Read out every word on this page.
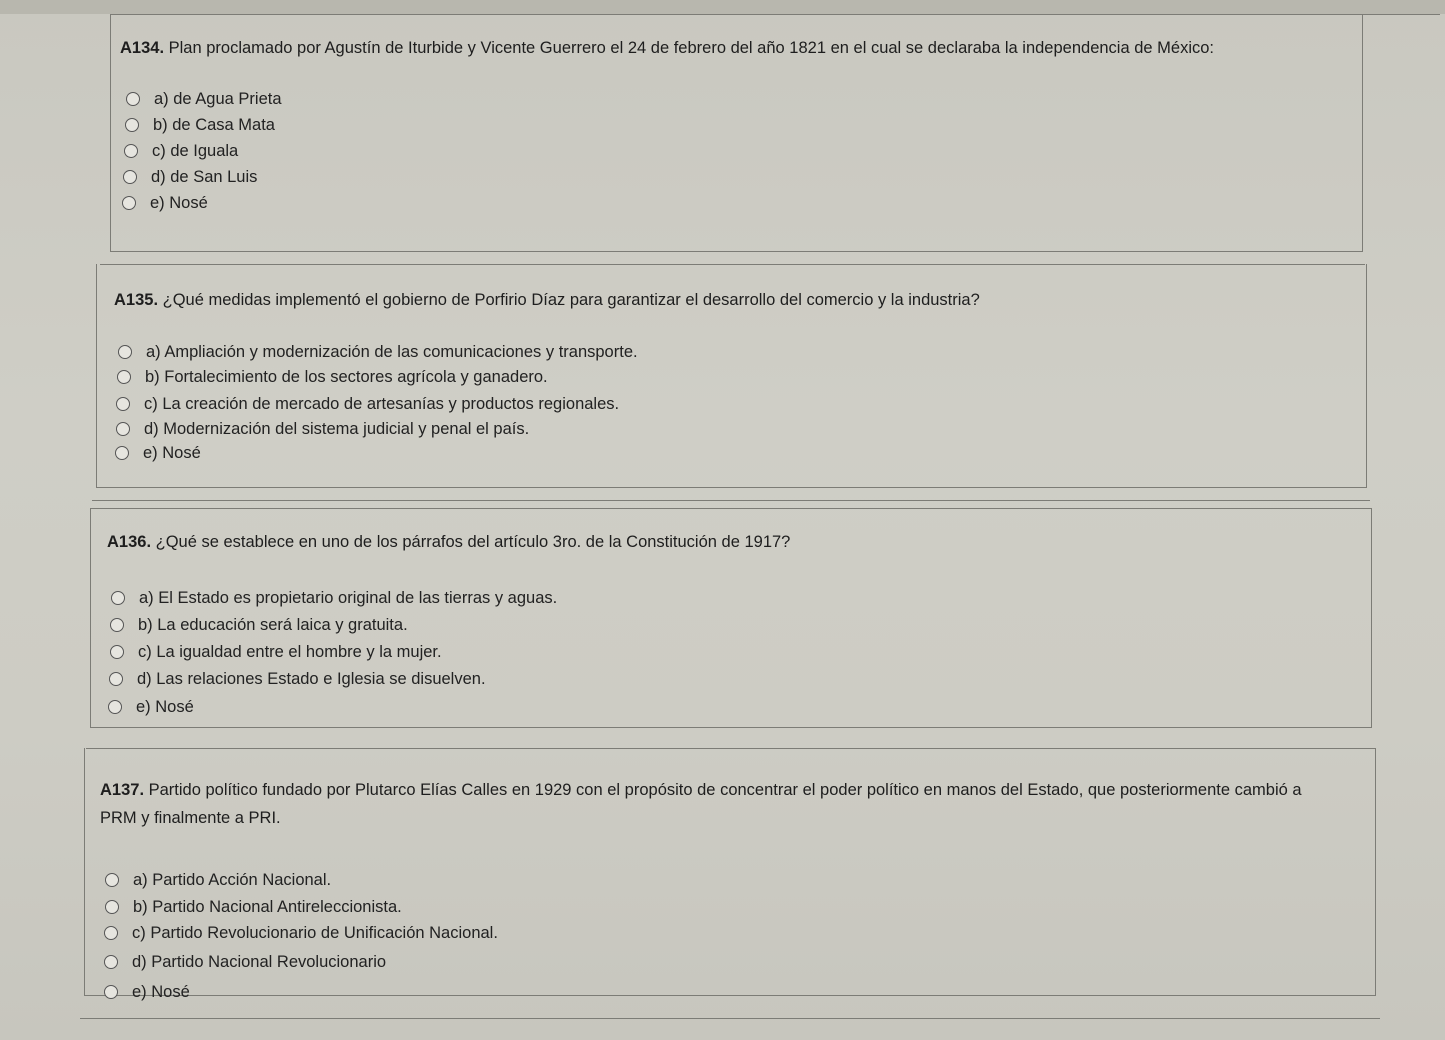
A134. Plan proclamado por Agustín de Iturbide y Vicente Guerrero el 24 de febrero del año 1821 en el cual se declaraba la independencia de México:
a) de Agua Prieta
b) de Casa Mata
c) de Iguala
d) de San Luis
e) Nosé
A135. ¿Qué medidas implementó el gobierno de Porfirio Díaz para garantizar el desarrollo del comercio y la industria?
a) Ampliación y modernización de las comunicaciones y transporte.
b) Fortalecimiento de los sectores agrícola y ganadero.
c) La creación de mercado de artesanías y productos regionales.
d) Modernización del sistema judicial y penal el país.
e) Nosé
A136. ¿Qué se establece en uno de los párrafos del artículo 3ro. de la Constitución de 1917?
a) El Estado es propietario original de las tierras y aguas.
b) La educación será laica y gratuita.
c) La igualdad entre el hombre y la mujer.
d) Las relaciones Estado e Iglesia se disuelven.
e) Nosé
A137. Partido político fundado por Plutarco Elías Calles en 1929 con el propósito de concentrar el poder político en manos del Estado, que posteriormente cambió a
PRM y finalmente a PRI.
a) Partido Acción Nacional.
b) Partido Nacional Antireleccionista.
c) Partido Revolucionario de Unificación Nacional.
d) Partido Nacional Revolucionario
e) Nosé
